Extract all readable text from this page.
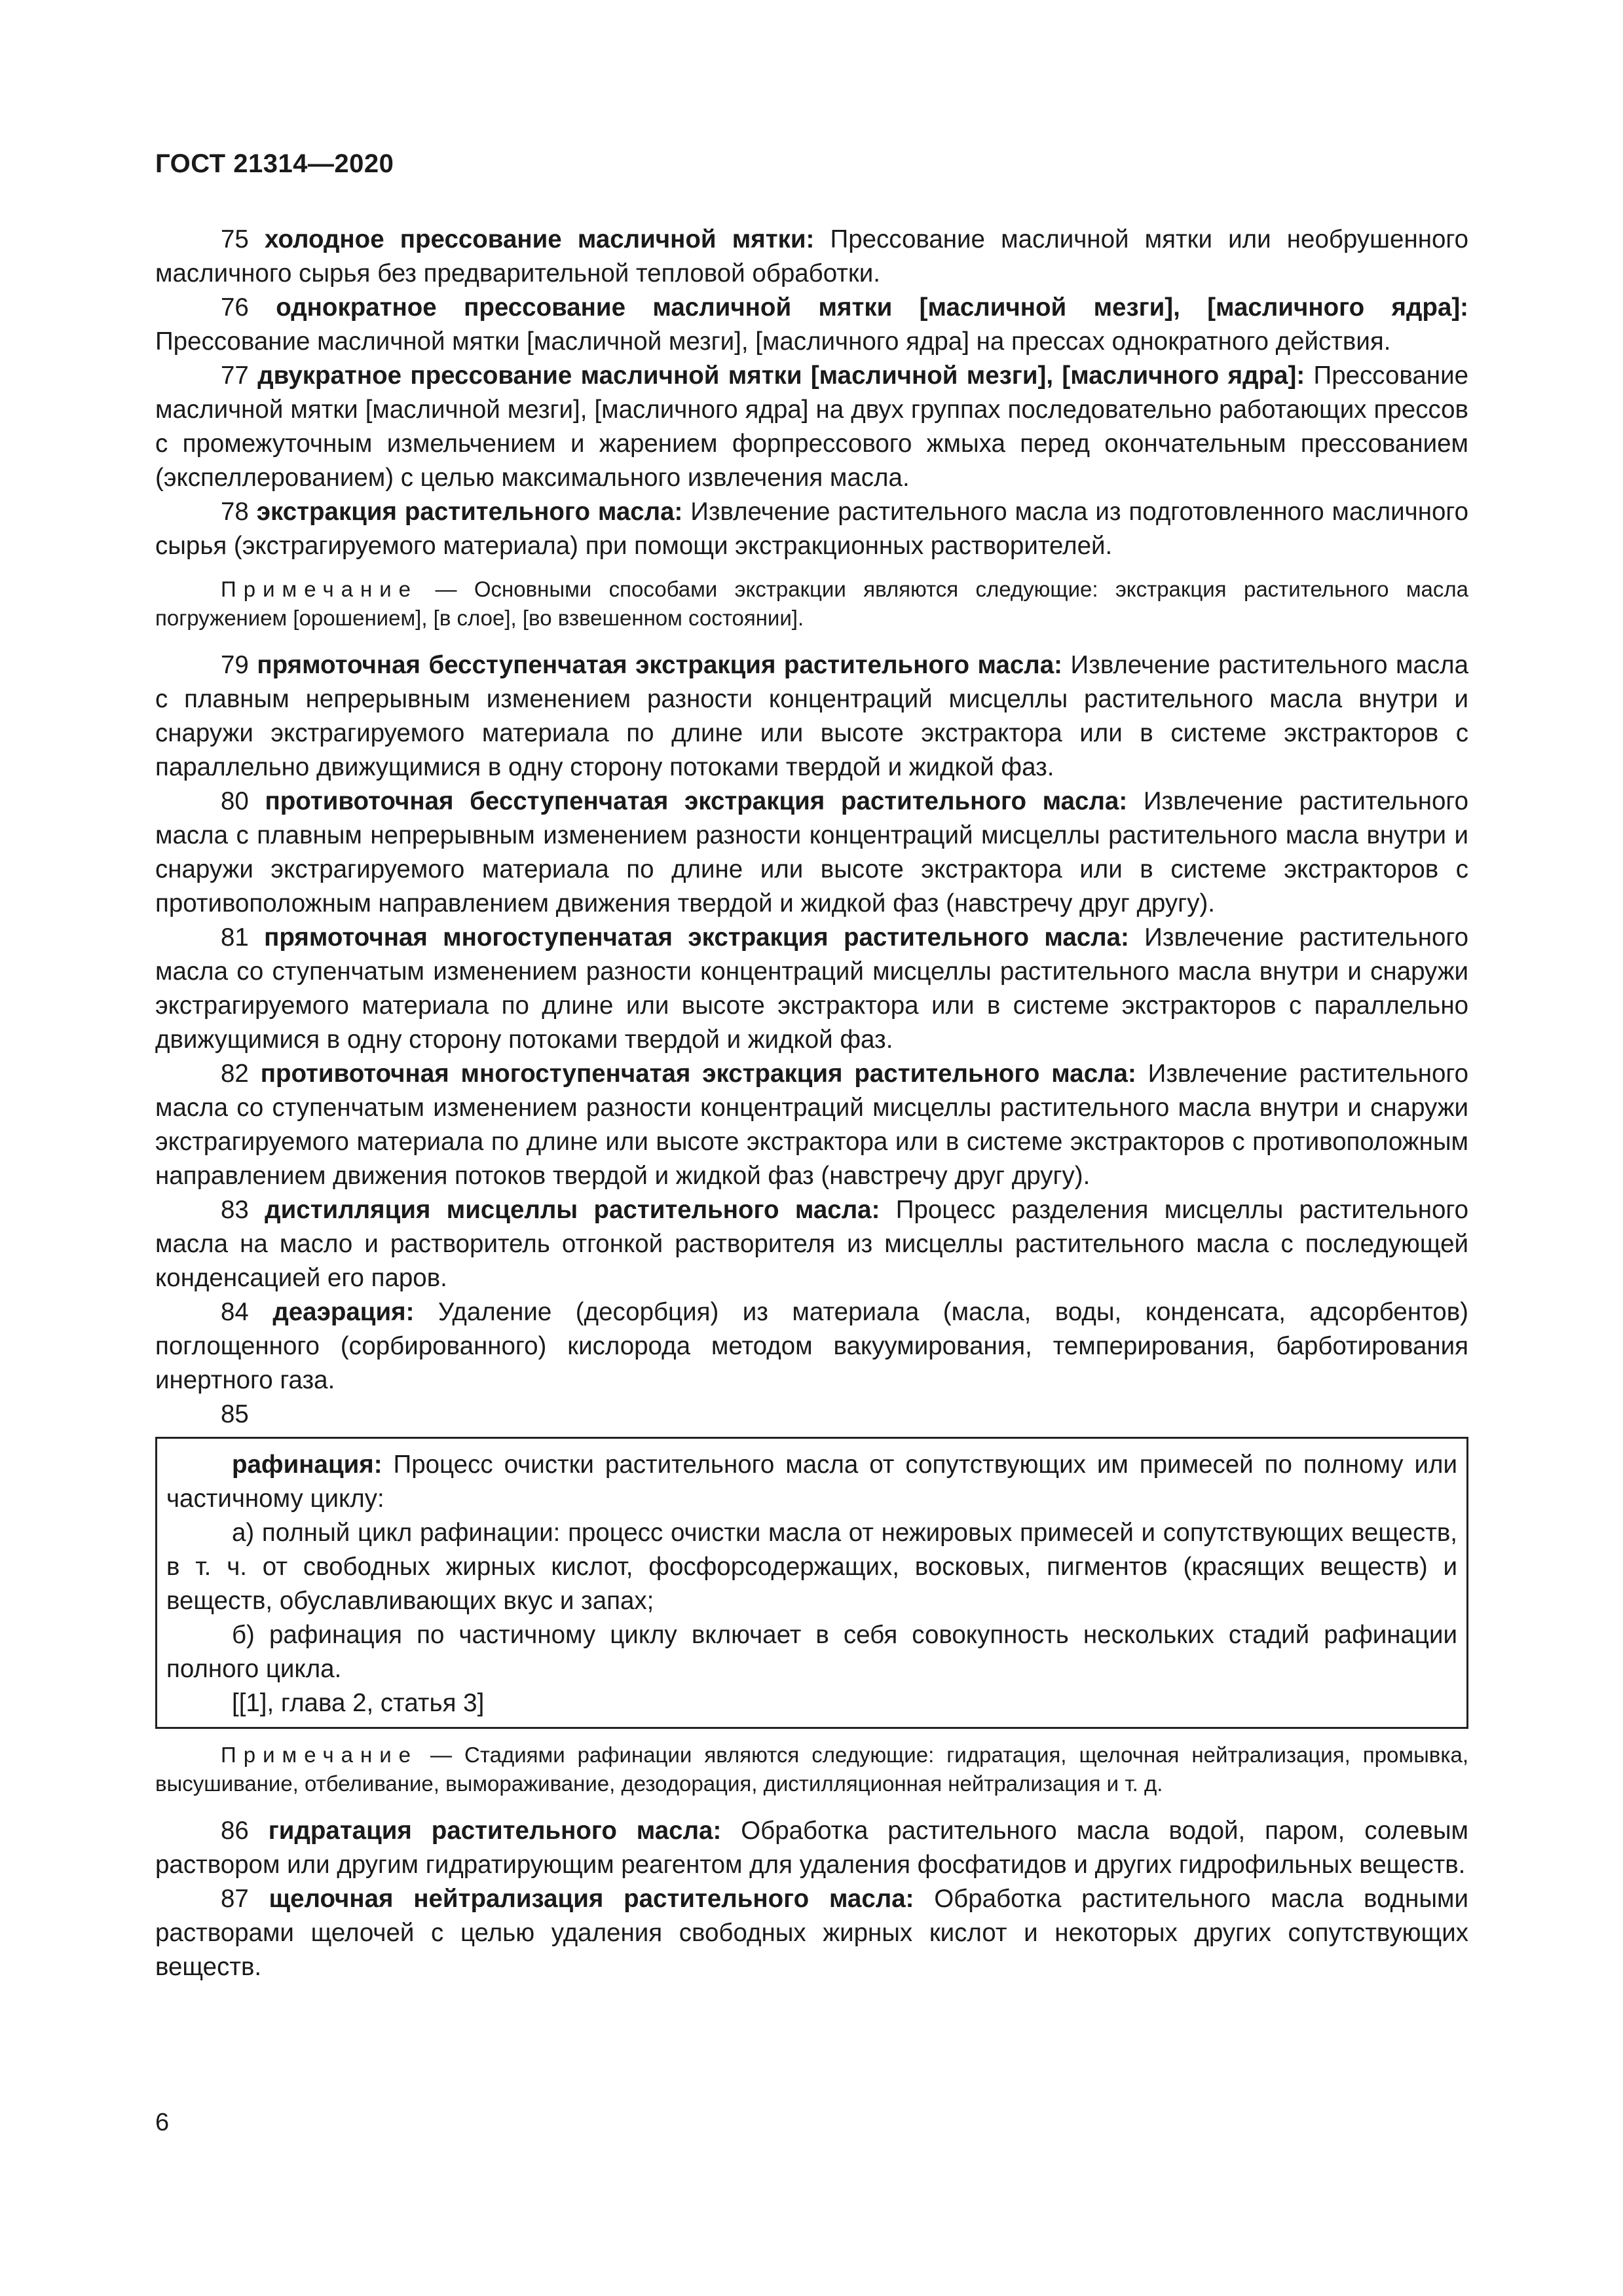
ГОСТ 21314—2020

75 холодное прессование масличной мятки: Прессование масличной мятки или необрушенного масличного сырья без предварительной тепловой обработки.

76 однократное прессование масличной мятки [масличной мезги], [масличного ядра]: Прессование масличной мятки [масличной мезги], [масличного ядра] на прессах однократного действия.

77 двукратное прессование масличной мятки [масличной мезги], [масличного ядра]: Прессование масличной мятки [масличной мезги], [масличного ядра] на двух группах последовательно работающих прессов с промежуточным измельчением и жарением форпрессового жмыха перед окончательным прессованием (экспеллерованием) с целью максимального извлечения масла.

78 экстракция растительного масла: Извлечение растительного масла из подготовленного масличного сырья (экстрагируемого материала) при помощи экстракционных растворителей.

Примечание — Основными способами экстракции являются следующие: экстракция растительного масла погружением [орошением], [в слое], [во взвешенном состоянии].

79 прямоточная бесступенчатая экстракция растительного масла: Извлечение растительного масла с плавным непрерывным изменением разности концентраций мисцеллы растительного масла внутри и снаружи экстрагируемого материала по длине или высоте экстрактора или в системе экстракторов с параллельно движущимися в одну сторону потоками твердой и жидкой фаз.

80 противоточная бесступенчатая экстракция растительного масла: Извлечение растительного масла с плавным непрерывным изменением разности концентраций мисцеллы растительного масла внутри и снаружи экстрагируемого материала по длине или высоте экстрактора или в системе экстракторов с противоположным направлением движения твердой и жидкой фаз (навстречу друг другу).

81 прямоточная многоступенчатая экстракция растительного масла: Извлечение растительного масла со ступенчатым изменением разности концентраций мисцеллы растительного масла внутри и снаружи экстрагируемого материала по длине или высоте экстрактора или в системе экстракторов с параллельно движущимися в одну сторону потоками твердой и жидкой фаз.

82 противоточная многоступенчатая экстракция растительного масла: Извлечение растительного масла со ступенчатым изменением разности концентраций мисцеллы растительного масла внутри и снаружи экстрагируемого материала по длине или высоте экстрактора или в системе экстракторов с противоположным направлением движения потоков твердой и жидкой фаз (навстречу друг другу).

83 дистилляция мисцеллы растительного масла: Процесс разделения мисцеллы растительного масла на масло и растворитель отгонкой растворителя из мисцеллы растительного масла с последующей конденсацией его паров.

84 деаэрация: Удаление (десорбция) из материала (масла, воды, конденсата, адсорбентов) поглощенного (сорбированного) кислорода методом вакуумирования, темперирования, барботирования инертного газа.

85

рафинация: Процесс очистки растительного масла от сопутствующих им примесей по полному или частичному циклу:

а) полный цикл рафинации: процесс очистки масла от нежировых примесей и сопутствующих веществ, в т. ч. от свободных жирных кислот, фосфорсодержащих, восковых, пигментов (красящих веществ) и веществ, обуславливающих вкус и запах;

б) рафинация по частичному циклу включает в себя совокупность нескольких стадий рафинации полного цикла.

[[1], глава 2, статья 3]

Примечание — Стадиями рафинации являются следующие: гидратация, щелочная нейтрализация, промывка, высушивание, отбеливание, вымораживание, дезодорация, дистилляционная нейтрализация и т. д.

86 гидратация растительного масла: Обработка растительного масла водой, паром, солевым раствором или другим гидратирующим реагентом для удаления фосфатидов и других гидрофильных веществ.

87 щелочная нейтрализация растительного масла: Обработка растительного масла водными растворами щелочей с целью удаления свободных жирных кислот и некоторых других сопутствующих веществ.

6
